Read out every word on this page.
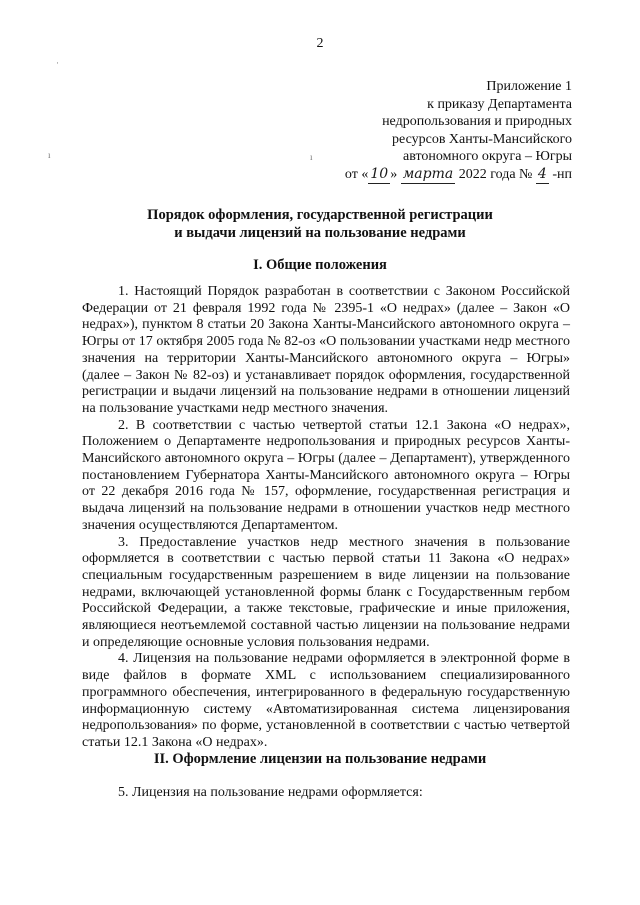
2
·
ı	ı
Приложение 1
к приказу Департамента
недропользования и природных
ресурсов Ханты-Мансийского
автономного округа – Югры
от « 10 » марта 2022 года № 4 -нп
Порядок оформления, государственной регистрации
и выдачи лицензий на пользование недрами
I. Общие положения

1. Настоящий Порядок разработан в соответствии с Законом Российской Федерации от 21 февраля 1992 года № 2395-1 «О недрах» (далее – Закон «О недрах»), пунктом 8 статьи 20 Закона Ханты-Мансийского автономного округа – Югры от 17 октября 2005 года № 82-оз «О пользовании участками недр местного значения на территории Ханты-Мансийского автономного округа – Югры» (далее – Закон № 82-оз) и устанавливает порядок оформления, государственной регистрации и выдачи лицензий на пользование недрами в отношении лицензий на пользование участками недр местного значения.

2. В соответствии с частью четвертой статьи 12.1 Закона «О недрах», Положением о Департаменте недропользования и природных ресурсов Ханты-Мансийского автономного округа – Югры (далее – Департамент), утвержденного постановлением Губернатора Ханты-Мансийского автономного округа – Югры от 22 декабря 2016 года № 157, оформление, государственная регистрация и выдача лицензий на пользование недрами в отношении участков недр местного значения осуществляются Департаментом.

3. Предоставление участков недр местного значения в пользование оформляется в соответствии с частью первой статьи 11 Закона «О недрах» специальным государственным разрешением в виде лицензии на пользование недрами, включающей установленной формы бланк с Государственным гербом Российской Федерации, а также текстовые, графические и иные приложения, являющиеся неотъемлемой составной частью лицензии на пользование недрами и определяющие основные условия пользования недрами.

4. Лицензия на пользование недрами оформляется в электронной форме в виде файлов в формате XML с использованием специализированного программного обеспечения, интегрированного в федеральную государственную информационную систему «Автоматизированная система лицензирования недропользования» по форме, установленной в соответствии с частью четвертой статьи 12.1 Закона «О недрах».

II. Оформление лицензии на пользование недрами
5. Лицензия на пользование недрами оформляется:
